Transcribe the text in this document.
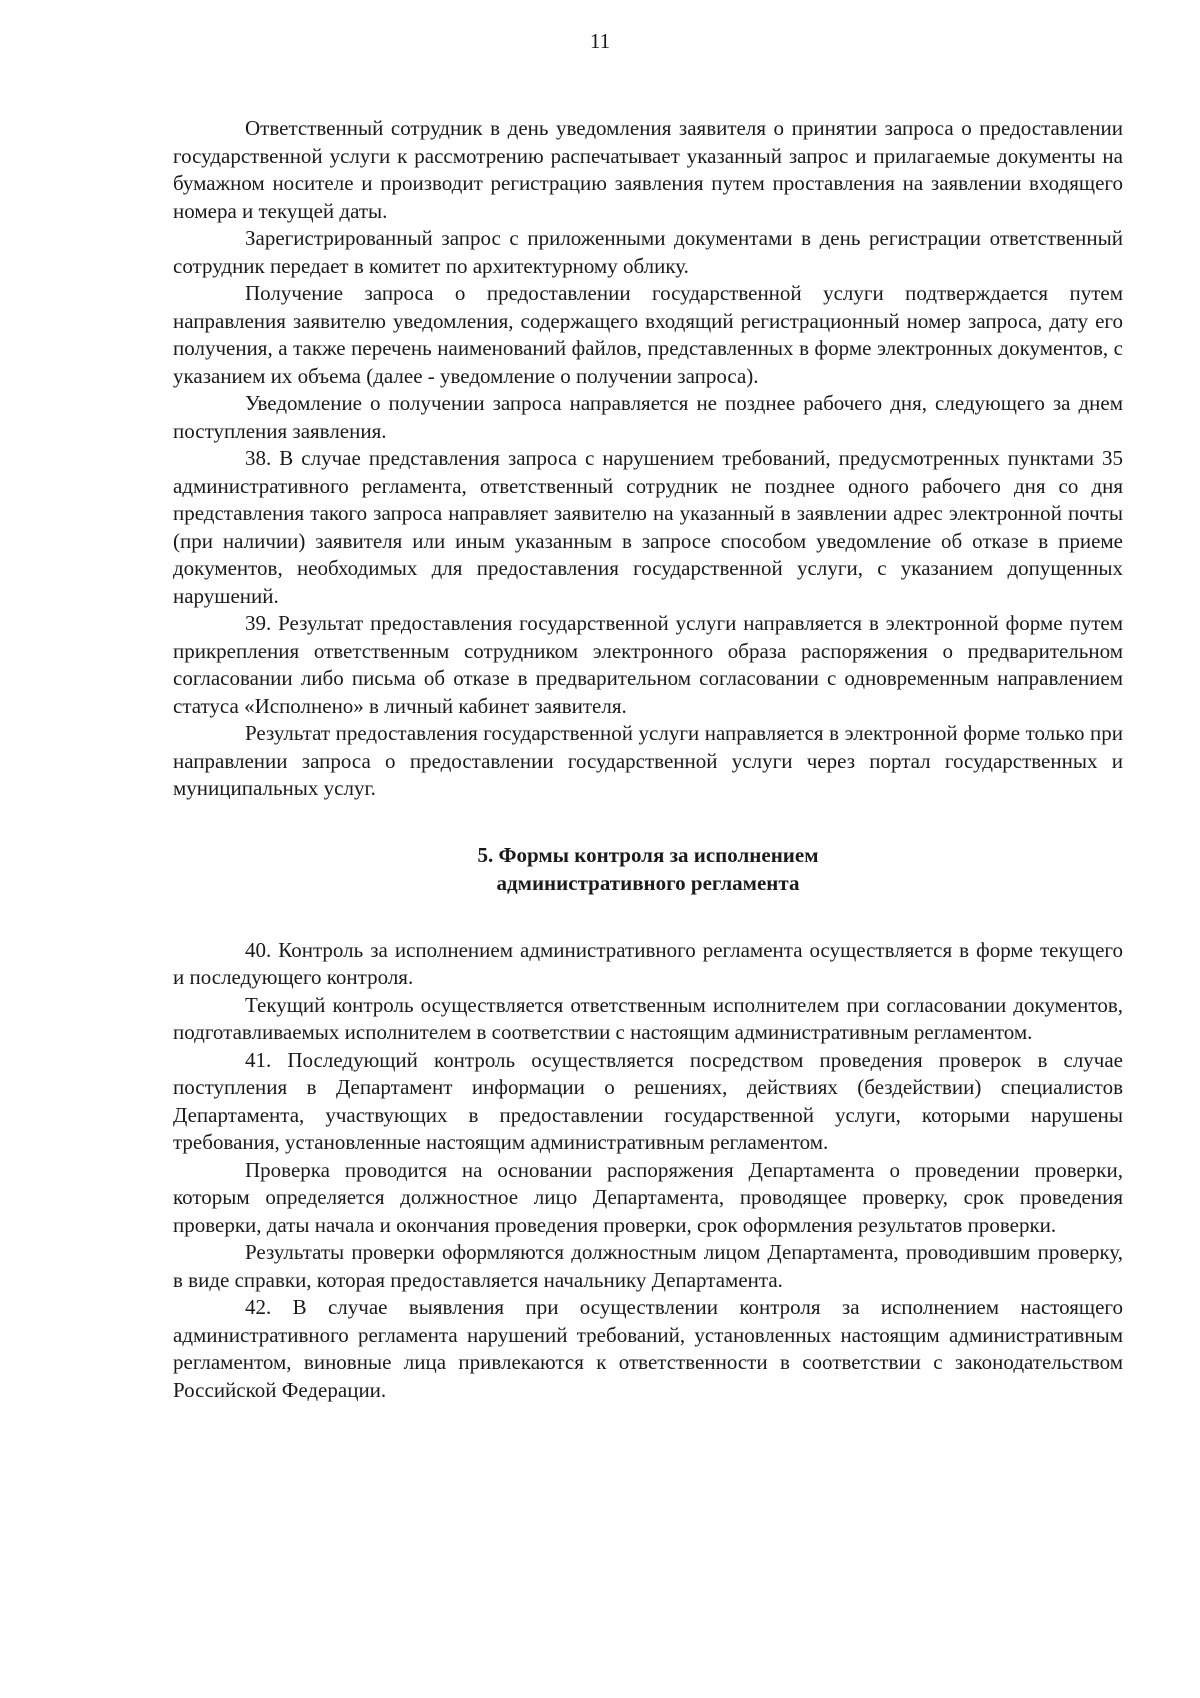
11

Ответственный сотрудник в день уведомления заявителя о принятии запроса о предоставлении государственной услуги к рассмотрению распечатывает указанный запрос и прилагаемые документы на бумажном носителе и производит регистрацию заявления путем проставления на заявлении входящего номера и текущей даты.

Зарегистрированный запрос с приложенными документами в день регистрации ответственный сотрудник передает в комитет по архитектурному облику.

Получение запроса о предоставлении государственной услуги подтверждается путем направления заявителю уведомления, содержащего входящий регистрационный номер запроса, дату его получения, а также перечень наименований файлов, представленных в форме электронных документов, с указанием их объема (далее - уведомление о получении запроса).

Уведомление о получении запроса направляется не позднее рабочего дня, следующего за днем поступления заявления.

38. В случае представления запроса с нарушением требований, предусмотренных пунктами 35 административного регламента, ответственный сотрудник не позднее одного рабочего дня со дня представления такого запроса направляет заявителю на указанный в заявлении адрес электронной почты (при наличии) заявителя или иным указанным в запросе способом уведомление об отказе в приеме документов, необходимых для предоставления государственной услуги, с указанием допущенных нарушений.

39. Результат предоставления государственной услуги направляется в электронной форме путем прикрепления ответственным сотрудником электронного образа распоряжения о предварительном согласовании либо письма об отказе в предварительном согласовании с одновременным направлением статуса «Исполнено» в личный кабинет заявителя.

Результат предоставления государственной услуги направляется в электронной форме только при направлении запроса о предоставлении государственной услуги через портал государственных и муниципальных услуг.

5. Формы контроля за исполнением
административного регламента

40. Контроль за исполнением административного регламента осуществляется в форме текущего и последующего контроля.

Текущий контроль осуществляется ответственным исполнителем при согласовании документов, подготавливаемых исполнителем в соответствии с настоящим административным регламентом.

41. Последующий контроль осуществляется посредством проведения проверок в случае поступления в Департамент информации о решениях, действиях (бездействии) специалистов Департамента, участвующих в предоставлении государственной услуги, которыми нарушены требования, установленные настоящим административным регламентом.

Проверка проводится на основании распоряжения Департамента о проведении проверки, которым определяется должностное лицо Департамента, проводящее проверку, срок проведения проверки, даты начала и окончания проведения проверки, срок оформления результатов проверки.

Результаты проверки оформляются должностным лицом Департамента, проводившим проверку, в виде справки, которая предоставляется начальнику Департамента.

42. В случае выявления при осуществлении контроля за исполнением настоящего административного регламента нарушений требований, установленных настоящим административным регламентом, виновные лица привлекаются к ответственности в соответствии с законодательством Российской Федерации.
